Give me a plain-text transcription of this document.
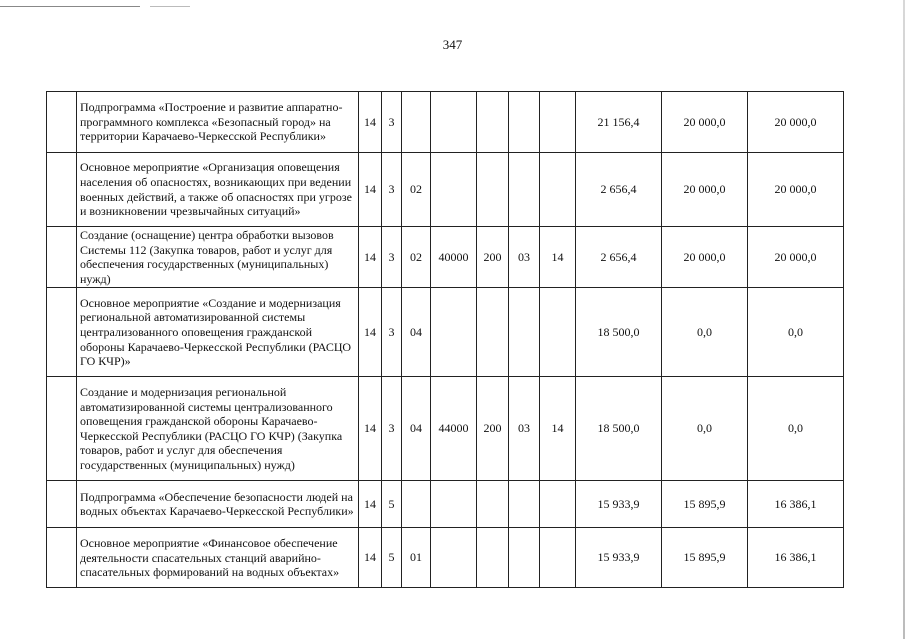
347
	Подпрограмма «Построение и развитие аппаратно-программного комплекса «Безопасный город» на территории Карачаево-Черкесской Республики»	14	3						21 156,4	20 000,0	20 000,0
	Основное мероприятие «Организация оповещения населения об опасностях, возникающих при ведении военных действий, а также об опасностях при угрозе и возникновении чрезвычайных ситуаций»	14	3	02					2 656,4	20 000,0	20 000,0
	Создание (оснащение) центра обработки вызовов Системы 112 (Закупка товаров, работ и услуг для обеспечения государственных (муниципальных) нужд)	14	3	02	40000	200	03	14	2 656,4	20 000,0	20 000,0
	Основное мероприятие «Создание и модернизация региональной автоматизированной системы централизованного оповещения гражданской обороны Карачаево-Черкесской Республики (РАСЦО ГО КЧР)»	14	3	04					18 500,0	0,0	0,0
	Создание и модернизация региональной автоматизированной системы централизованного оповещения гражданской обороны Карачаево-Черкесской Республики (РАСЦО ГО КЧР) (Закупка товаров, работ и услуг для обеспечения государственных (муниципальных) нужд)	14	3	04	44000	200	03	14	18 500,0	0,0	0,0
	Подпрограмма «Обеспечение безопасности людей на водных объектах Карачаево-Черкесской Республики»	14	5						15 933,9	15 895,9	16 386,1
	Основное мероприятие «Финансовое обеспечение деятельности спасательных станций аварийно-спасательных формирований на водных объектах»	14	5	01					15 933,9	15 895,9	16 386,1
